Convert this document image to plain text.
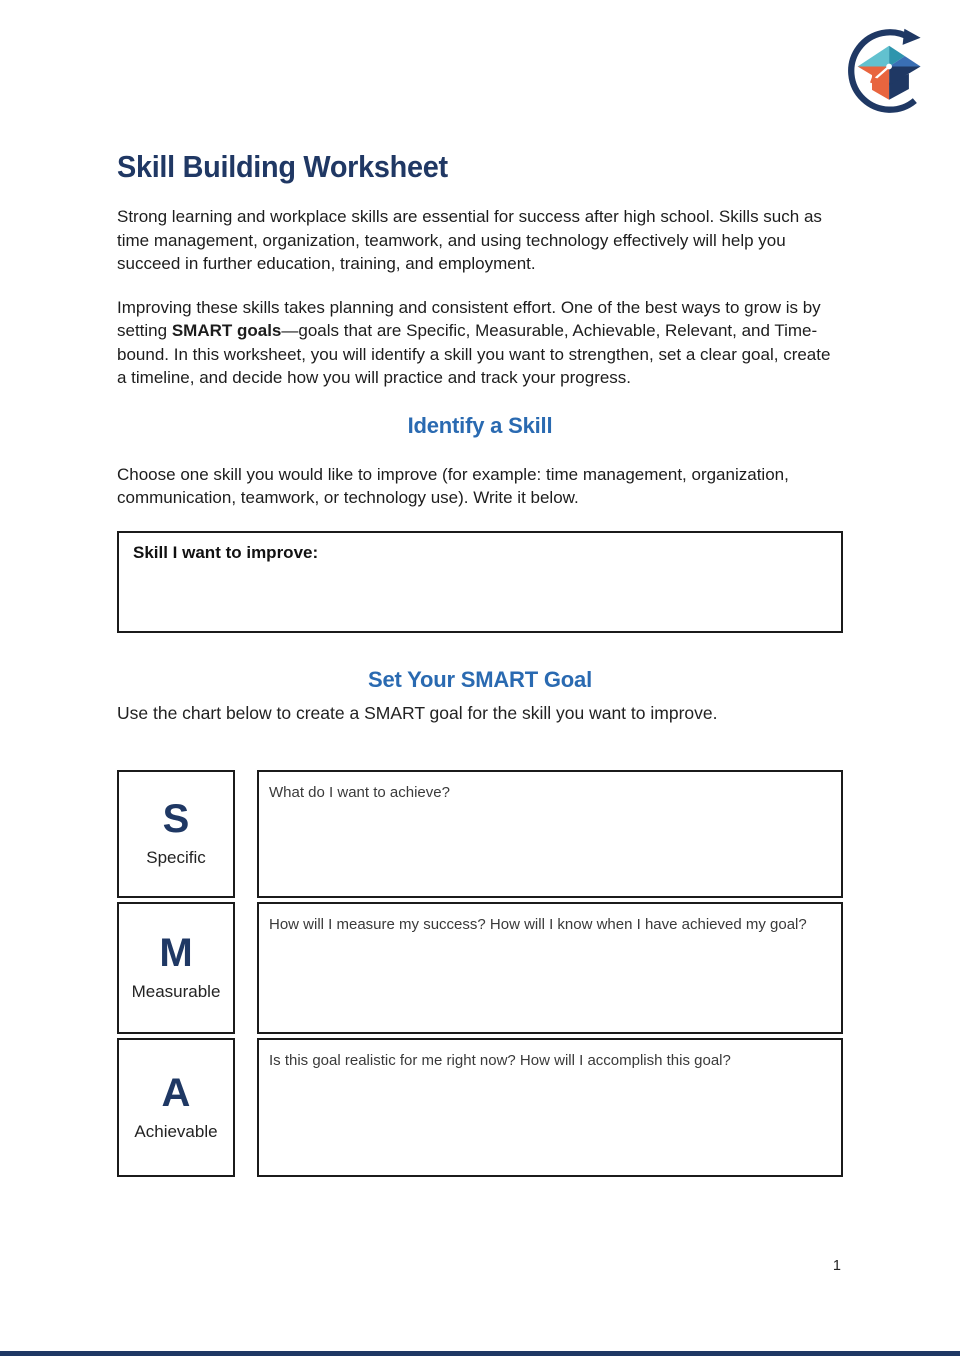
Skill Building Worksheet

Strong learning and workplace skills are essential for success after high school. Skills such as time management, organization, teamwork, and using technology effectively will help you succeed in further education, training, and employment.

Improving these skills takes planning and consistent effort. One of the best ways to grow is by setting SMART goals—goals that are Specific, Measurable, Achievable, Relevant, and Time-bound. In this worksheet, you will identify a skill you want to strengthen, set a clear goal, create a timeline, and decide how you will practice and track your progress.

Identify a Skill

Choose one skill you would like to improve (for example: time management, organization, communication, teamwork, or technology use). Write it below.

Skill I want to improve:
Set Your SMART Goal

Use the chart below to create a SMART goal for the skill you want to improve.

S
Specific
What do I want to achieve?
M
Measurable
How will I measure my success? How will I know when I have achieved my goal?
A
Achievable
Is this goal realistic for me right now? How will I accomplish this goal?
1
